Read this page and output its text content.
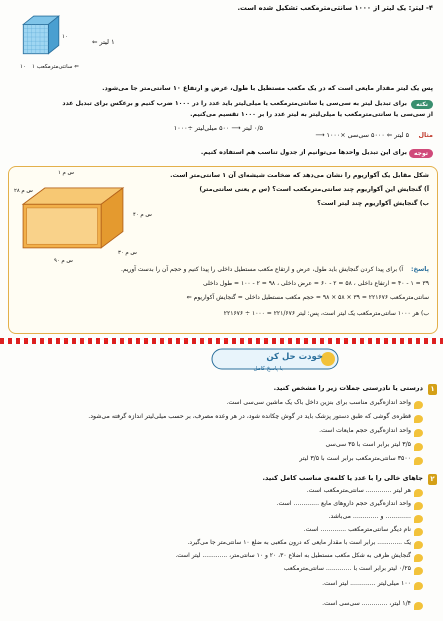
۱۰
۱۰ ۱ سانتی‌مترمکعب ⇐
۱ لیتر ⇐
۴- لیتر: یک لیتر از ۱۰۰۰ سانتی‌مترمکعب تشکیل شده است.
پس یک لیتر مقدار مایعی است که در یک مکعب مستطیل با طول، عرض و ارتفاع ۱۰ سانتی‌متر جا می‌شود.
نکته
برای تبدیل لیتر به سی‌سی یا سانتی‌مترمکعب یا میلی‌لیتر باید عدد را در ۱۰۰۰ ضرب کنیم و برعکس برای تبدیل عدد
از سی‌سی یا سانتی‌مترمکعب یا میلی‌لیتر به لیتر عدد را بر ۱۰۰۰ تقسیم می‌کنیم.
مثال
۵ لیتر ⇐ ۵۰۰۰ سی‌سی ×۱۰۰۰ ⟶
۰/۵ لیتر ⟶ ۵۰۰ میلی‌لیتر ÷۱۰۰۰
توجه
برای این تبدیل واحدها می‌توانیم از جدول تناسب هم استفاده کنیم.
۱ س م
۲۸ س م
۴۰ س م
۹۰ س م
۳۰ س م
شکل مقابل یک آکواریوم را نشان می‌دهد که ضخامت شیشه‌ای آن ۱ سانتی‌متر است.
آ) گنجایش این آکواریوم چند سانتی‌مترمکعب است؟ (س م یعنی سانتی‌متر)
ب) گنجایش آکواریوم چند لیتر است؟
پاسخ:
آ) برای پیدا کردن گنجایش باید طول، عرض و ارتفاع مکعب مستطیل داخلی را پیدا کنیم و حجم آن را بدست آوریم.
۳۹ = ۱ - ۴۰ = ارتفاع داخلی ، ۵۸ = ۲ - ۶۰ = عرض داخلی ، ۹۸ = ۲ - ۱۰۰ = طول داخلی
سانتی‌مترمکعب ۲۲۱۶۷۶ = ۳۹ × ۵۸ × ۹۸ = حجم مکعب مستطیل داخلی = گنجایش آکواریوم ⇐
ب) هر ۱۰۰۰ سانتی‌مترمکعب یک لیتر است، پس: لیتر ۲۲۱/۶۷۶ = ۱۰۰۰ ÷ ۲۲۱۶۷۶
خودت حل کن
با پاسخ کامل
۱
درستی یا نادرستی جملات زیر را مشخص کنید.
واحد اندازه‌گیری مناسب برای بنزین داخل باک یک ماشین سی‌سی است.
قطره‌ی گوشی که طبق دستور پزشک باید در گوش چکانده شود، در هر وعده مصرف، بر حسب میلی‌لیتر اندازه گرفته می‌شود.
واحد اندازه‌گیری حجم مایعات است.
۳/۵ لیتر برابر است با ۳۵ سی‌سی
۳۵۰۰ سانتی‌مترمکعب برابر است با ۳/۵ لیتر
۲
جاهای خالی را با عدد یا کلمه‌ی مناسب کامل کنید.
هر لیتر ............. سانتی‌مترمکعب است.
واحد اندازه‌گیری حجم داروهای مایع ............. است.
............. و ............. می‌باشد.
نام دیگر سانتی‌مترمکعب ............. است.
یک ............. برابر است با مقدار مایعی که درون مکعبی به ضلع ۱۰ سانتی‌متر جا می‌گیرد.
گنجایش ظرفی به شکل مکعب مستطیل به اضلاع ۳۰، ۲۰ و ۱۰ سانتی‌متر، ............. لیتر است.
۰/۲۵ لیتر برابر است با ............. سانتی‌مترمکعب
۱۰۰ میلی‌لیتر ............. لیتر است.
۱/۴ لیتر، ............. سی‌سی است.
